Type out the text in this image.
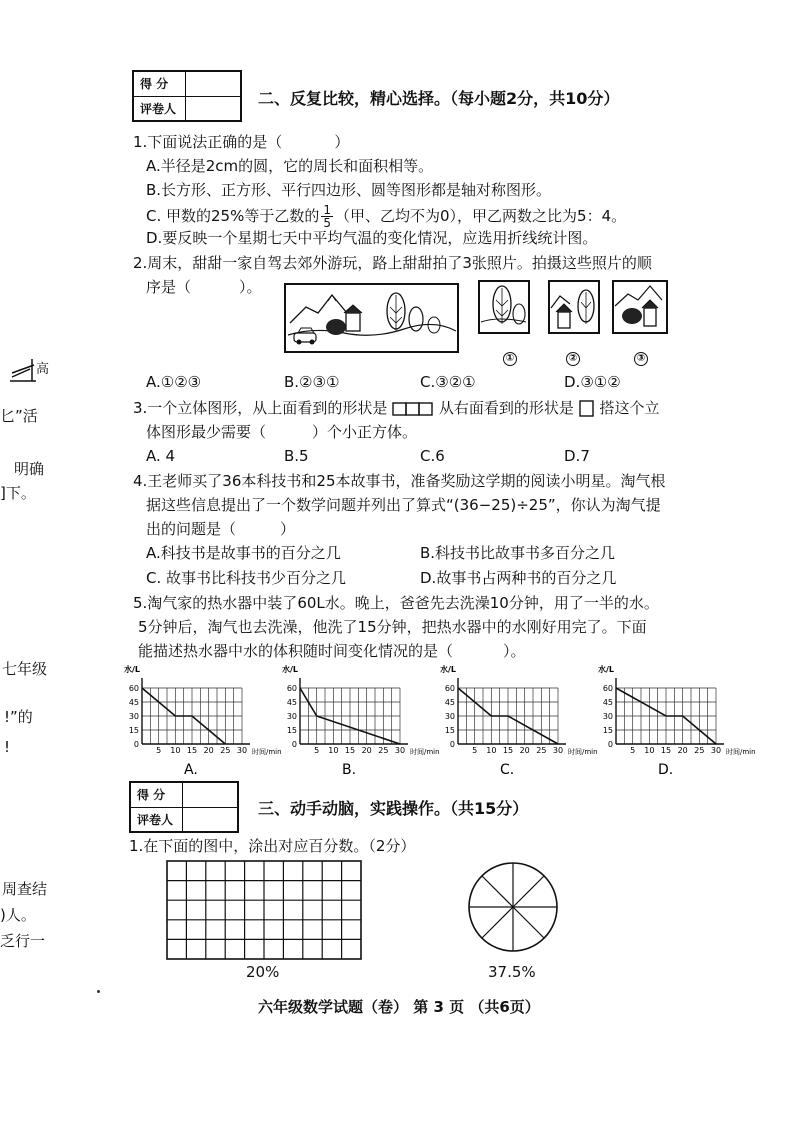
高
匕”活
明确
]下。
七年级
!”的
!
周查结
)人。
乏行一
得 分	
评卷人	
二、反复比较，精心选择。（每小题2分，共10分）
1.下面说法正确的是（	）
A.半径是2cm的圆，它的周长和面积相等。
B.长方形、正方形、平行四边形、圆等图形都是轴对称图形。
C. 甲数的25%等于乙数的 $\frac{1}{5}$ （甲、乙均不为0），甲乙两数之比为5：4。
D.要反映一个星期七天中平均气温的变化情况，应选用折线统计图。
2.周末，甜甜一家自驾去郊外游玩，路上甜甜拍了3张照片。拍摄这些照片的顺
序是（	）。
①	②	③
A.①②③	B.②③①	C.③②①	D.③①②
3.一个立体图形，从上面看到的形状是	从右面看到的形状是 搭这个立
体图形最少需要（	）个小正方体。
A. 4	B.5	C.6	D.7
4.王老师买了36本科技书和25本故事书，准备奖励这学期的阅读小明星。淘气根
据这些信息提出了一个数学问题并列出了算式“(36−25)÷25”，你认为淘气提
出的问题是（	）
A.科技书是故事书的百分之几	B.科技书比故事书多百分之几
C. 故事书比科技书少百分之几	D.故事书占两种书的百分之几
5.淘气家的热水器中装了60L水。晚上，爸爸先去洗澡10分钟，用了一半的水。
5分钟后，淘气也去洗澡，他洗了15分钟，把热水器中的水刚好用完了。下面
能描述热水器中水的体积随时间变化情况的是（	）。
水/L
0
15
30
45
60
5 10 15 20 25 30 时间/min
A.
水/L
0
15
30
45
60
5 10 15 20 25 30 时间/min
B.
水/L
0
15
30
45
60
5 10 15 20 25 30 时间/min
C.
水/L
0
15
30
45
60
5 10 15 20 25 30 时间/min
D.
得 分	
评卷人	
三、动手动脑，实践操作。（共15分）
1.在下面的图中，涂出对应百分数。（2分）
20%	37.5%
六年级数学试题（卷） 第 3 页 （共6页）
